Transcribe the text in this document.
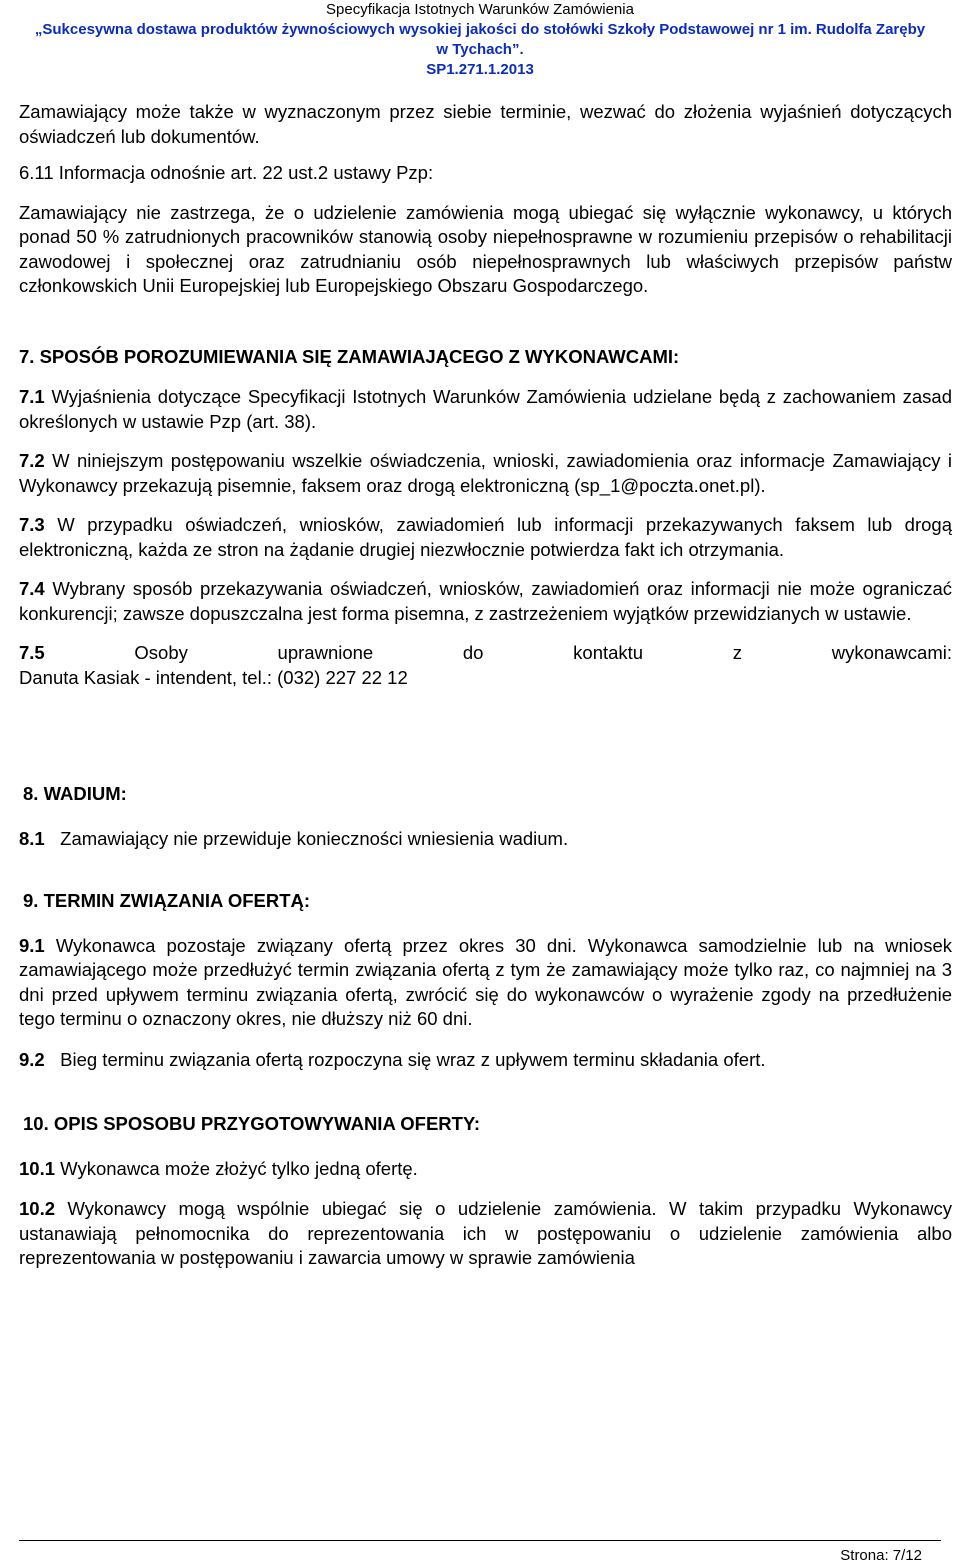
Specyfikacja Istotnych Warunków Zamówienia
„Sukcesywna dostawa produktów żywnościowych wysokiej jakości do stołówki Szkoły Podstawowej nr 1 im. Rudolfa Zaręby
w Tychach”.
SP1.271.1.2013
Zamawiający może także w wyznaczonym przez siebie terminie, wezwać do złożenia wyjaśnień dotyczących oświadczeń lub dokumentów.
6.11 Informacja odnośnie art. 22 ust.2 ustawy Pzp:
Zamawiający nie zastrzega, że o udzielenie zamówienia mogą ubiegać się wyłącznie wykonawcy, u których ponad 50 % zatrudnionych pracowników stanowią osoby niepełnosprawne w rozumieniu przepisów o rehabilitacji zawodowej i społecznej oraz zatrudnianiu osób niepełnosprawnych lub właściwych przepisów państw członkowskich Unii Europejskiej lub Europejskiego Obszaru Gospodarczego.
7. SPOSÓB POROZUMIEWANIA SIĘ ZAMAWIAJĄCEGO Z WYKONAWCAMI:
7.1 Wyjaśnienia dotyczące Specyfikacji Istotnych Warunków Zamówienia udzielane będą z zachowaniem zasad określonych w ustawie Pzp (art. 38).
7.2 W niniejszym postępowaniu wszelkie oświadczenia, wnioski, zawiadomienia oraz informacje Zamawiający i Wykonawcy przekazują pisemnie, faksem oraz drogą elektroniczną (sp_1@poczta.onet.pl).
7.3 W przypadku oświadczeń, wniosków, zawiadomień lub informacji przekazywanych faksem lub drogą elektroniczną, każda ze stron na żądanie drugiej niezwłocznie potwierdza fakt ich otrzymania.
7.4 Wybrany sposób przekazywania oświadczeń, wniosków, zawiadomień oraz informacji nie może ograniczać konkurencji; zawsze dopuszczalna jest forma pisemna, z zastrzeżeniem wyjątków przewidzianych w ustawie.
7.5 Osoby uprawnione do kontaktu z wykonawcami:
Danuta Kasiak - intendent, tel.: (032) 227 22 12
8. WADIUM:
8.1   Zamawiający nie przewiduje konieczności wniesienia wadium.
9. TERMIN ZWIĄZANIA OFERTĄ:
9.1 Wykonawca pozostaje związany ofertą przez okres 30 dni. Wykonawca samodzielnie lub na wniosek zamawiającego może przedłużyć termin związania ofertą z tym że zamawiający może tylko raz, co najmniej na 3 dni przed upływem terminu związania ofertą, zwrócić się do wykonawców o wyrażenie zgody na przedłużenie tego terminu o oznaczony okres, nie dłuższy niż 60 dni.
9.2   Bieg terminu związania ofertą rozpoczyna się wraz z upływem terminu składania ofert.
10. OPIS SPOSOBU PRZYGOTOWYWANIA OFERTY:
10.1 Wykonawca może złożyć tylko jedną ofertę.
10.2 Wykonawcy mogą wspólnie ubiegać się o udzielenie zamówienia. W takim przypadku Wykonawcy ustanawiają pełnomocnika do reprezentowania ich w postępowaniu o udzielenie zamówienia albo reprezentowania w postępowaniu i zawarcia umowy w sprawie zamówienia
Strona: 7/12
